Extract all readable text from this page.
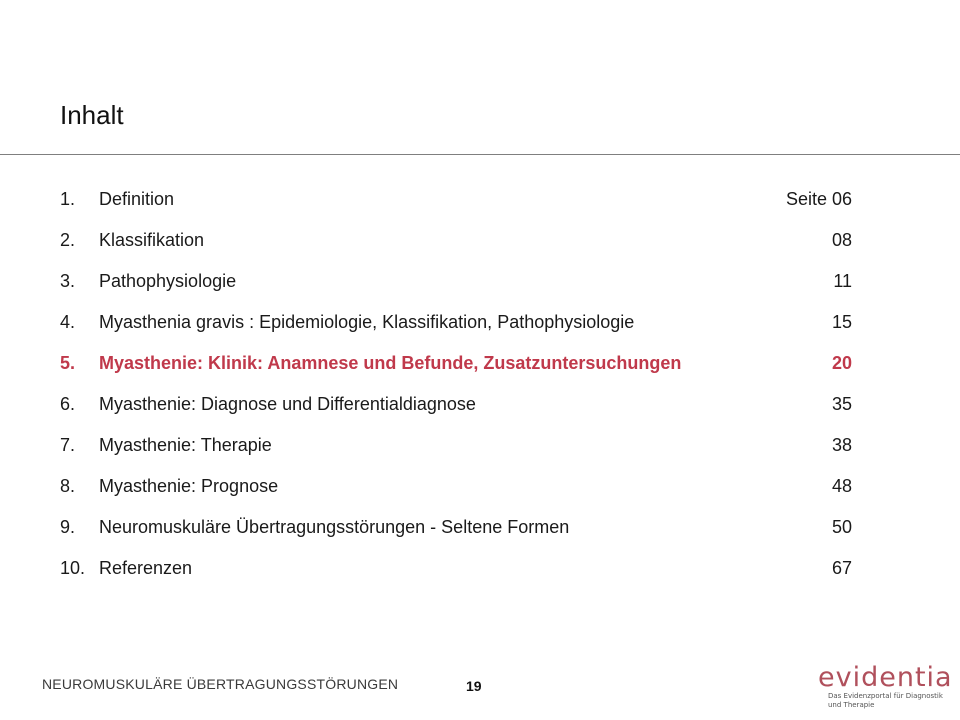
Inhalt
1.	Definition	Seite 06
2.	Klassifikation	08
3.	Pathophysiologie	11
4.	Myasthenia gravis : Epidemiologie, Klassifikation, Pathophysiologie	15
5.	Myasthenie: Klinik: Anamnese und Befunde, Zusatzuntersuchungen	20
6.	Myasthenie: Diagnose und Differentialdiagnose	35
7.	Myasthenie: Therapie	38
8.	Myasthenie: Prognose	48
9.	Neuromuskuläre Übertragungsstörungen - Seltene Formen	50
10. Referenzen	67
NEUROMUSKULÄRE ÜBERTRAGUNGSSTÖRUNGEN	19	evidentia
Das Evidenzportal für Diagnostik und Therapie
